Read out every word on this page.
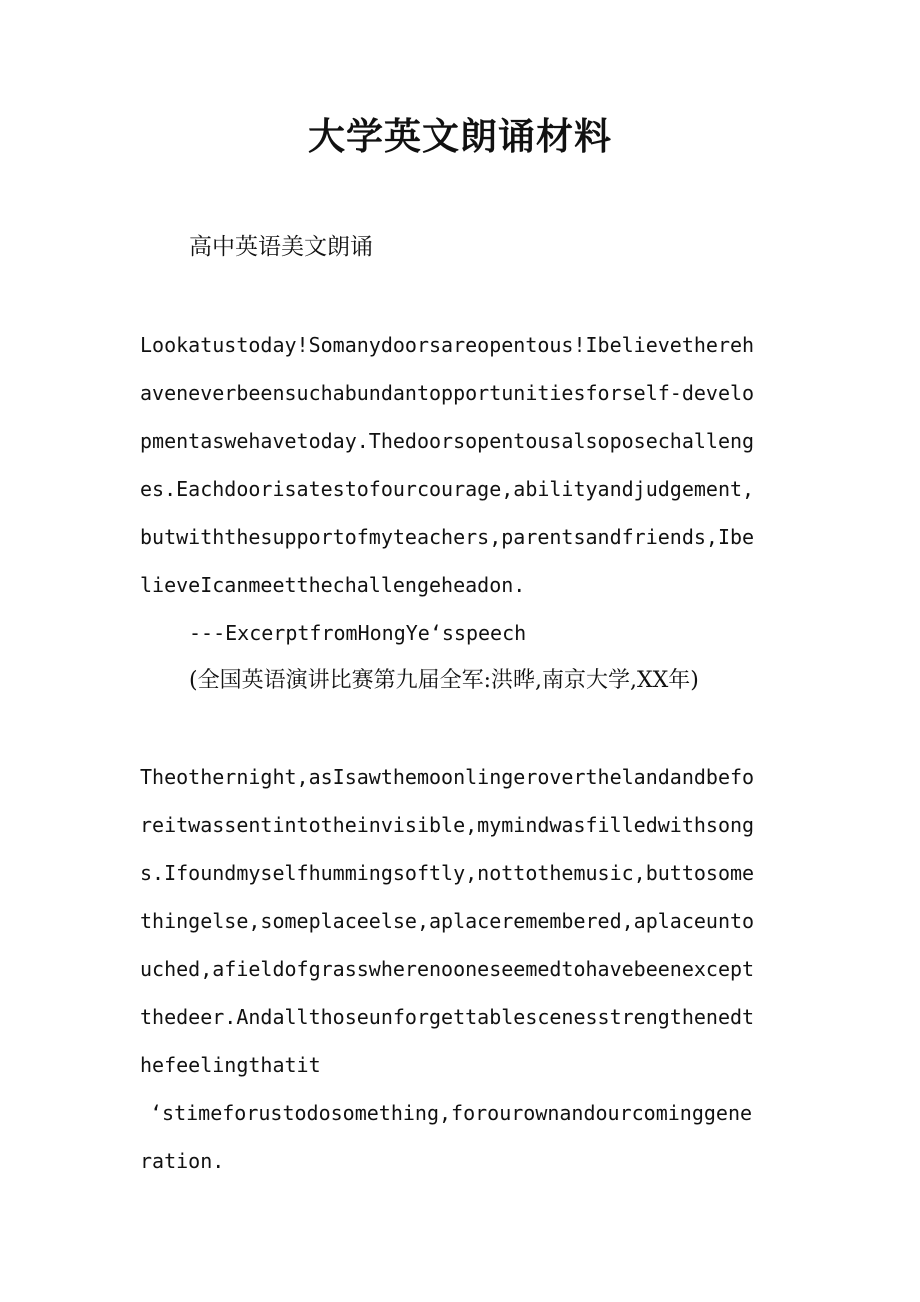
大学英文朗诵材料
高中英语美文朗诵
Lookatustoday!Somanydoorsareopentous!Ibelievethereh
aveneverbeensuchabundantopportunitiesforself-develo
pmentaswehavetoday.Thedoorsopentousalsoposechalleng
es.Eachdoorisatestofourcourage,abilityandjudgement,
butwiththesupportofmyteachers,parentsandfriends,Ibe
lieveIcanmeetthechallengeheadon.
---ExcerptfromHongYe‘sspeech
(全国英语演讲比赛第九届全军:洪晔,南京大学,XX年)
Theothernight,asIsawthemoonlingeroverthelandandbefo
reitwassentintotheinvisible,mymindwasfilledwithsong
s.Ifoundmyselfhummingsoftly,nottothemusic,buttosome
thingelse,someplaceelse,aplaceremembered,aplaceunto
uched,afieldofgrasswherenooneseemedtohavebeenexcept
thedeer.Andallthoseunforgettablescenesstrengthenedt
hefeelingthatit
‘stimeforustodosomething,forourownandourcominggene
ration.
